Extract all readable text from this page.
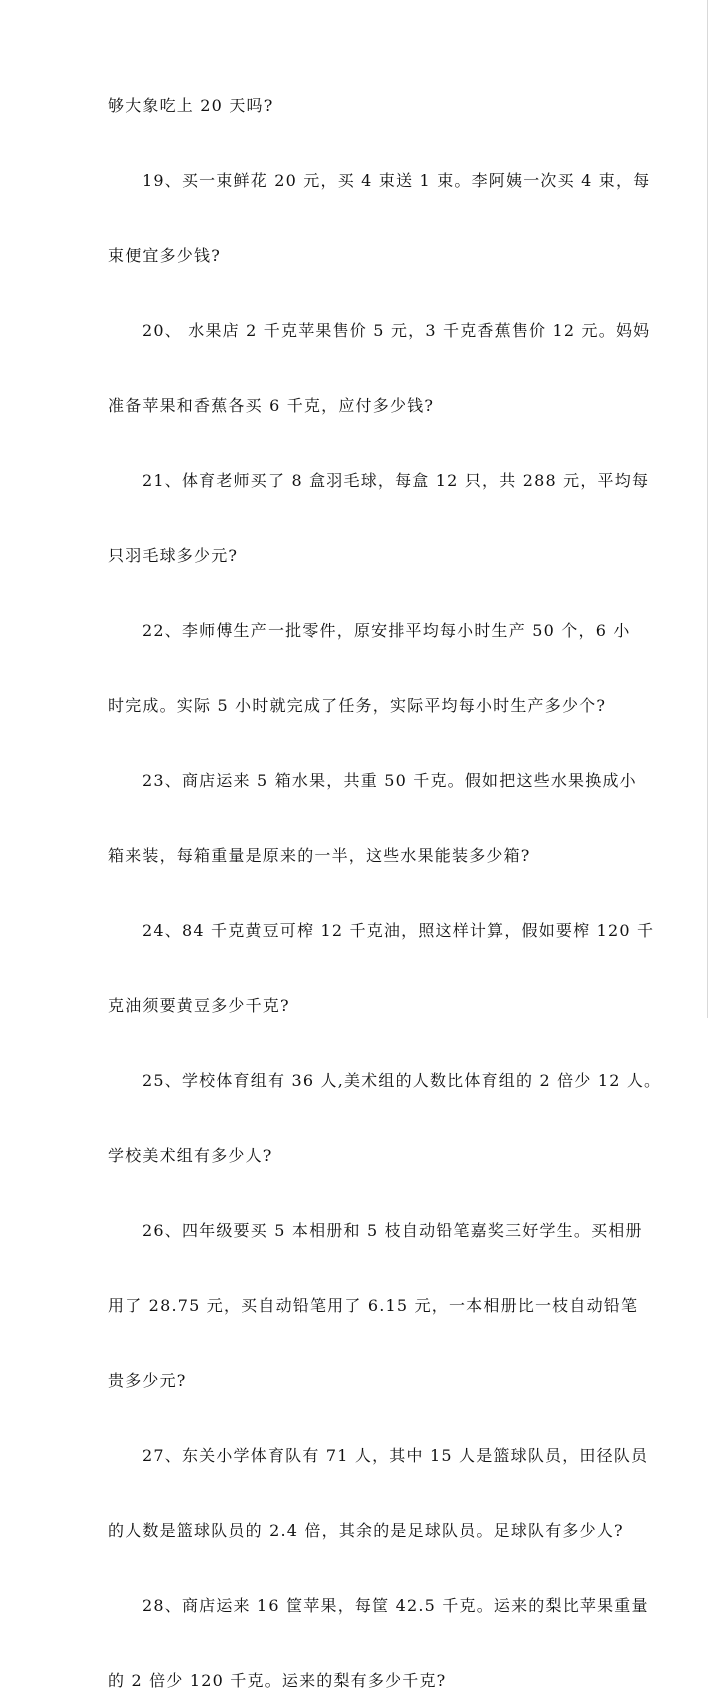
够大象吃上 20 天吗?
19、买一束鲜花 20 元，买 4 束送 1 束。李阿姨一次买 4 束，每
束便宜多少钱?
20、 水果店 2 千克苹果售价 5 元，3 千克香蕉售价 12 元。妈妈
准备苹果和香蕉各买 6 千克，应付多少钱?
21、体育老师买了 8 盒羽毛球，每盒 12 只，共 288 元，平均每
只羽毛球多少元?
22、李师傅生产一批零件，原安排平均每小时生产 50 个，6 小
时完成。实际 5 小时就完成了任务，实际平均每小时生产多少个?
23、商店运来 5 箱水果，共重 50 千克。假如把这些水果换成小
箱来装，每箱重量是原来的一半，这些水果能装多少箱?
24、84 千克黄豆可榨 12 千克油，照这样计算，假如要榨 120 千
克油须要黄豆多少千克?
25、学校体育组有 36 人,美术组的人数比体育组的 2 倍少 12 人。
学校美术组有多少人?
26、四年级要买 5 本相册和 5 枝自动铅笔嘉奖三好学生。买相册
用了 28.75 元，买自动铅笔用了 6.15 元，一本相册比一枝自动铅笔
贵多少元?
27、东关小学体育队有 71 人，其中 15 人是篮球队员，田径队员
的人数是篮球队员的 2.4 倍，其余的是足球队员。足球队有多少人?
28、商店运来 16 筐苹果，每筐 42.5 千克。运来的梨比苹果重量
的 2 倍少 120 千克。运来的梨有多少千克?
